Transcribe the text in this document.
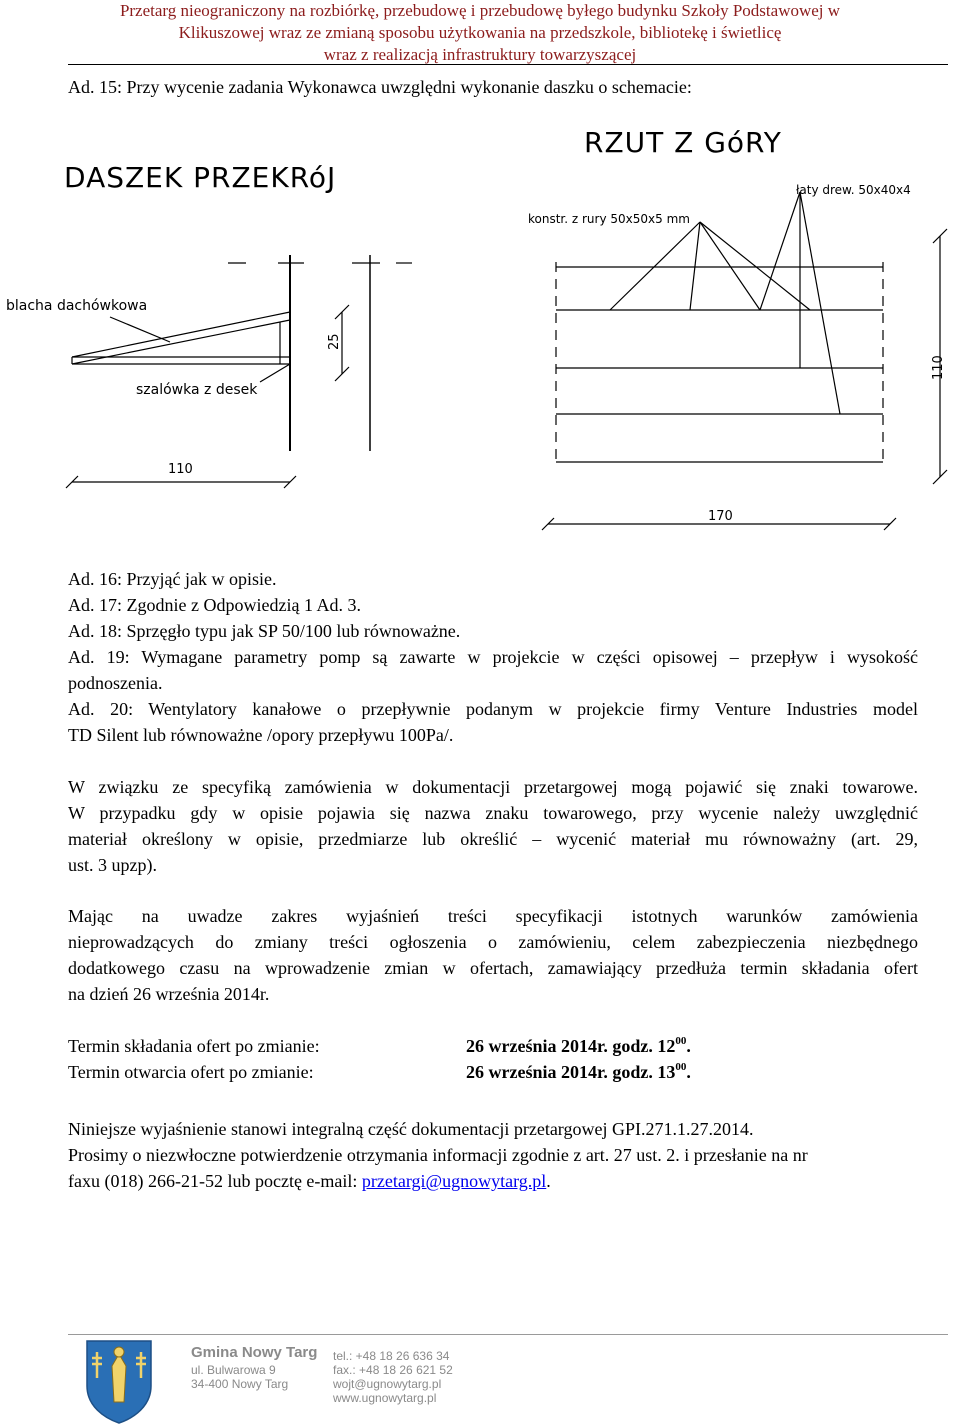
Przetarg nieograniczony na rozbiórkę, przebudowę i przebudowę byłego budynku Szkoły Podstawowej w
Klikuszowej wraz ze zmianą sposobu użytkowania na przedszkole, bibliotekę i świetlicę
wraz z realizacją infrastruktury towarzyszącej

Ad. 15: Przy wycenie zadania Wykonawca uwzględni wykonanie daszku o schemacie:

DASZEK PRZEKRóJ
RZUT Z GóRY
blacha dachówkowa
szalówka z desek
łaty drew. 50x40x4
konstr. z rury 50x50x5 mm
25
110
110
170

Ad. 16: Przyjąć jak w opisie.

Ad. 17: Zgodnie z Odpowiedzią 1 Ad. 3.

Ad. 18: Sprzęgło typu jak SP 50/100 lub równoważne.

Ad. 19: Wymagane parametry pomp są zawarte w projekcie w części opisowej – przepływ i wysokość

podnoszenia.

Ad. 20: Wentylatory kanałowe o przepływnie podanym w projekcie firmy Venture Industries model

TD Silent lub równoważne /opory przepływu 100Pa/.

W związku ze specyfiką zamówienia w dokumentacji przetargowej mogą pojawić się znaki towarowe.

W przypadku gdy w opisie pojawia się nazwa znaku towarowego, przy wycenie należy uwzględnić

materiał określony w opisie, przedmiarze lub określić – wycenić materiał mu równoważny (art. 29,

ust. 3 upzp).

Mając na uwadze zakres wyjaśnień treści specyfikacji istotnych warunków zamówienia

nieprowadzących do zmiany treści ogłoszenia o zamówieniu, celem zabezpieczenia niezbędnego

dodatkowego czasu na wprowadzenie zmian w ofertach, zamawiający przedłuża termin składania ofert

na dzień 26 września 2014r.

Termin składania ofert po zmianie:	26 września 2014r. godz. $12^{00}$.
Termin otwarcia ofert po zmianie:	26 września 2014r. godz. $13^{00}$.

Niniejsze wyjaśnienie stanowi integralną część dokumentacji przetargowej GPI.271.1.27.2014.

Prosimy o niezwłoczne potwierdzenie otrzymania informacji zgodnie z art. 27 ust. 2. i przesłanie na nr

faxu (018) 266-21-52 lub pocztę e-mail: przetargi@ugnowytarg.pl.

Gmina Nowy Targ
ul. Bulwarowa 9
34-400 Nowy Targ
tel.: +48 18 26 636 34
fax.: +48 18 26 621 52
wojt@ugnowytarg.pl
www.ugnowytarg.pl
